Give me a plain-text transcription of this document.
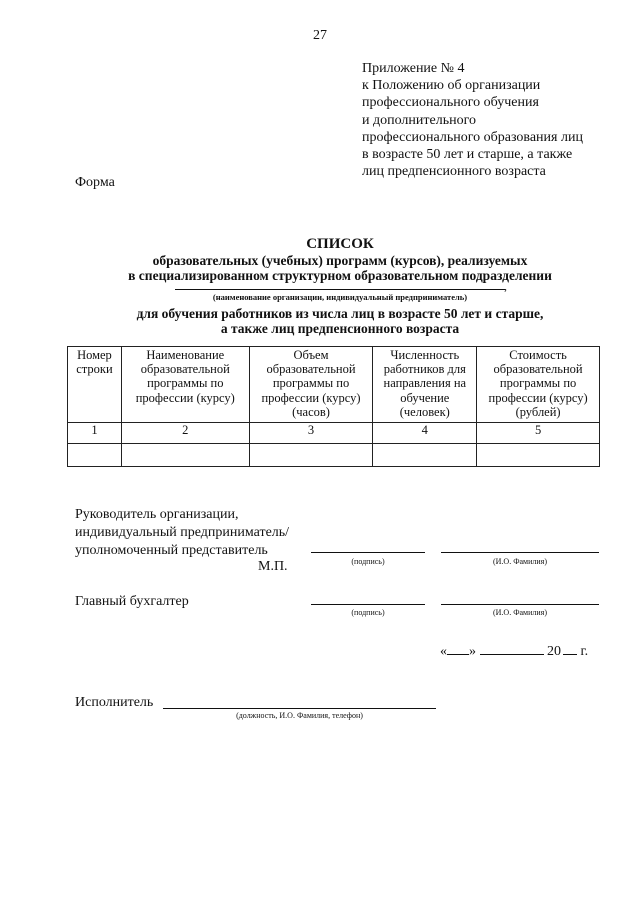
27
Приложение № 4
к Положению об организации
профессионального обучения
и дополнительного
профессионального образования лиц
в возрасте 50 лет и старше, а также
лиц предпенсионного возраста
Форма
СПИСОК
образовательных (учебных) программ (курсов), реализуемых
в специализированном структурном образовательном подразделении
,
(наименование организации, индивидуальный предприниматель)
для обучения работников из числа лиц в возрасте 50 лет и старше,
а также лиц предпенсионного возраста
Номер строки	Наименование образовательной программы по профессии (курсу)	Объем образовательной программы по профессии (курсу) (часов)	Численность работников для направления на обучение (человек)	Стоимость образовательной программы по профессии (курсу) (рублей)
1	2	3	4	5

Руководитель организации,
индивидуальный предприниматель/
уполномоченный представитель
М.П.	(подпись)	(И.О. Фамилия)
Главный бухгалтер
(подпись)	(И.О. Фамилия)
« »	20 г.
Исполнитель
(должность, И.О. Фамилия, телефон)
